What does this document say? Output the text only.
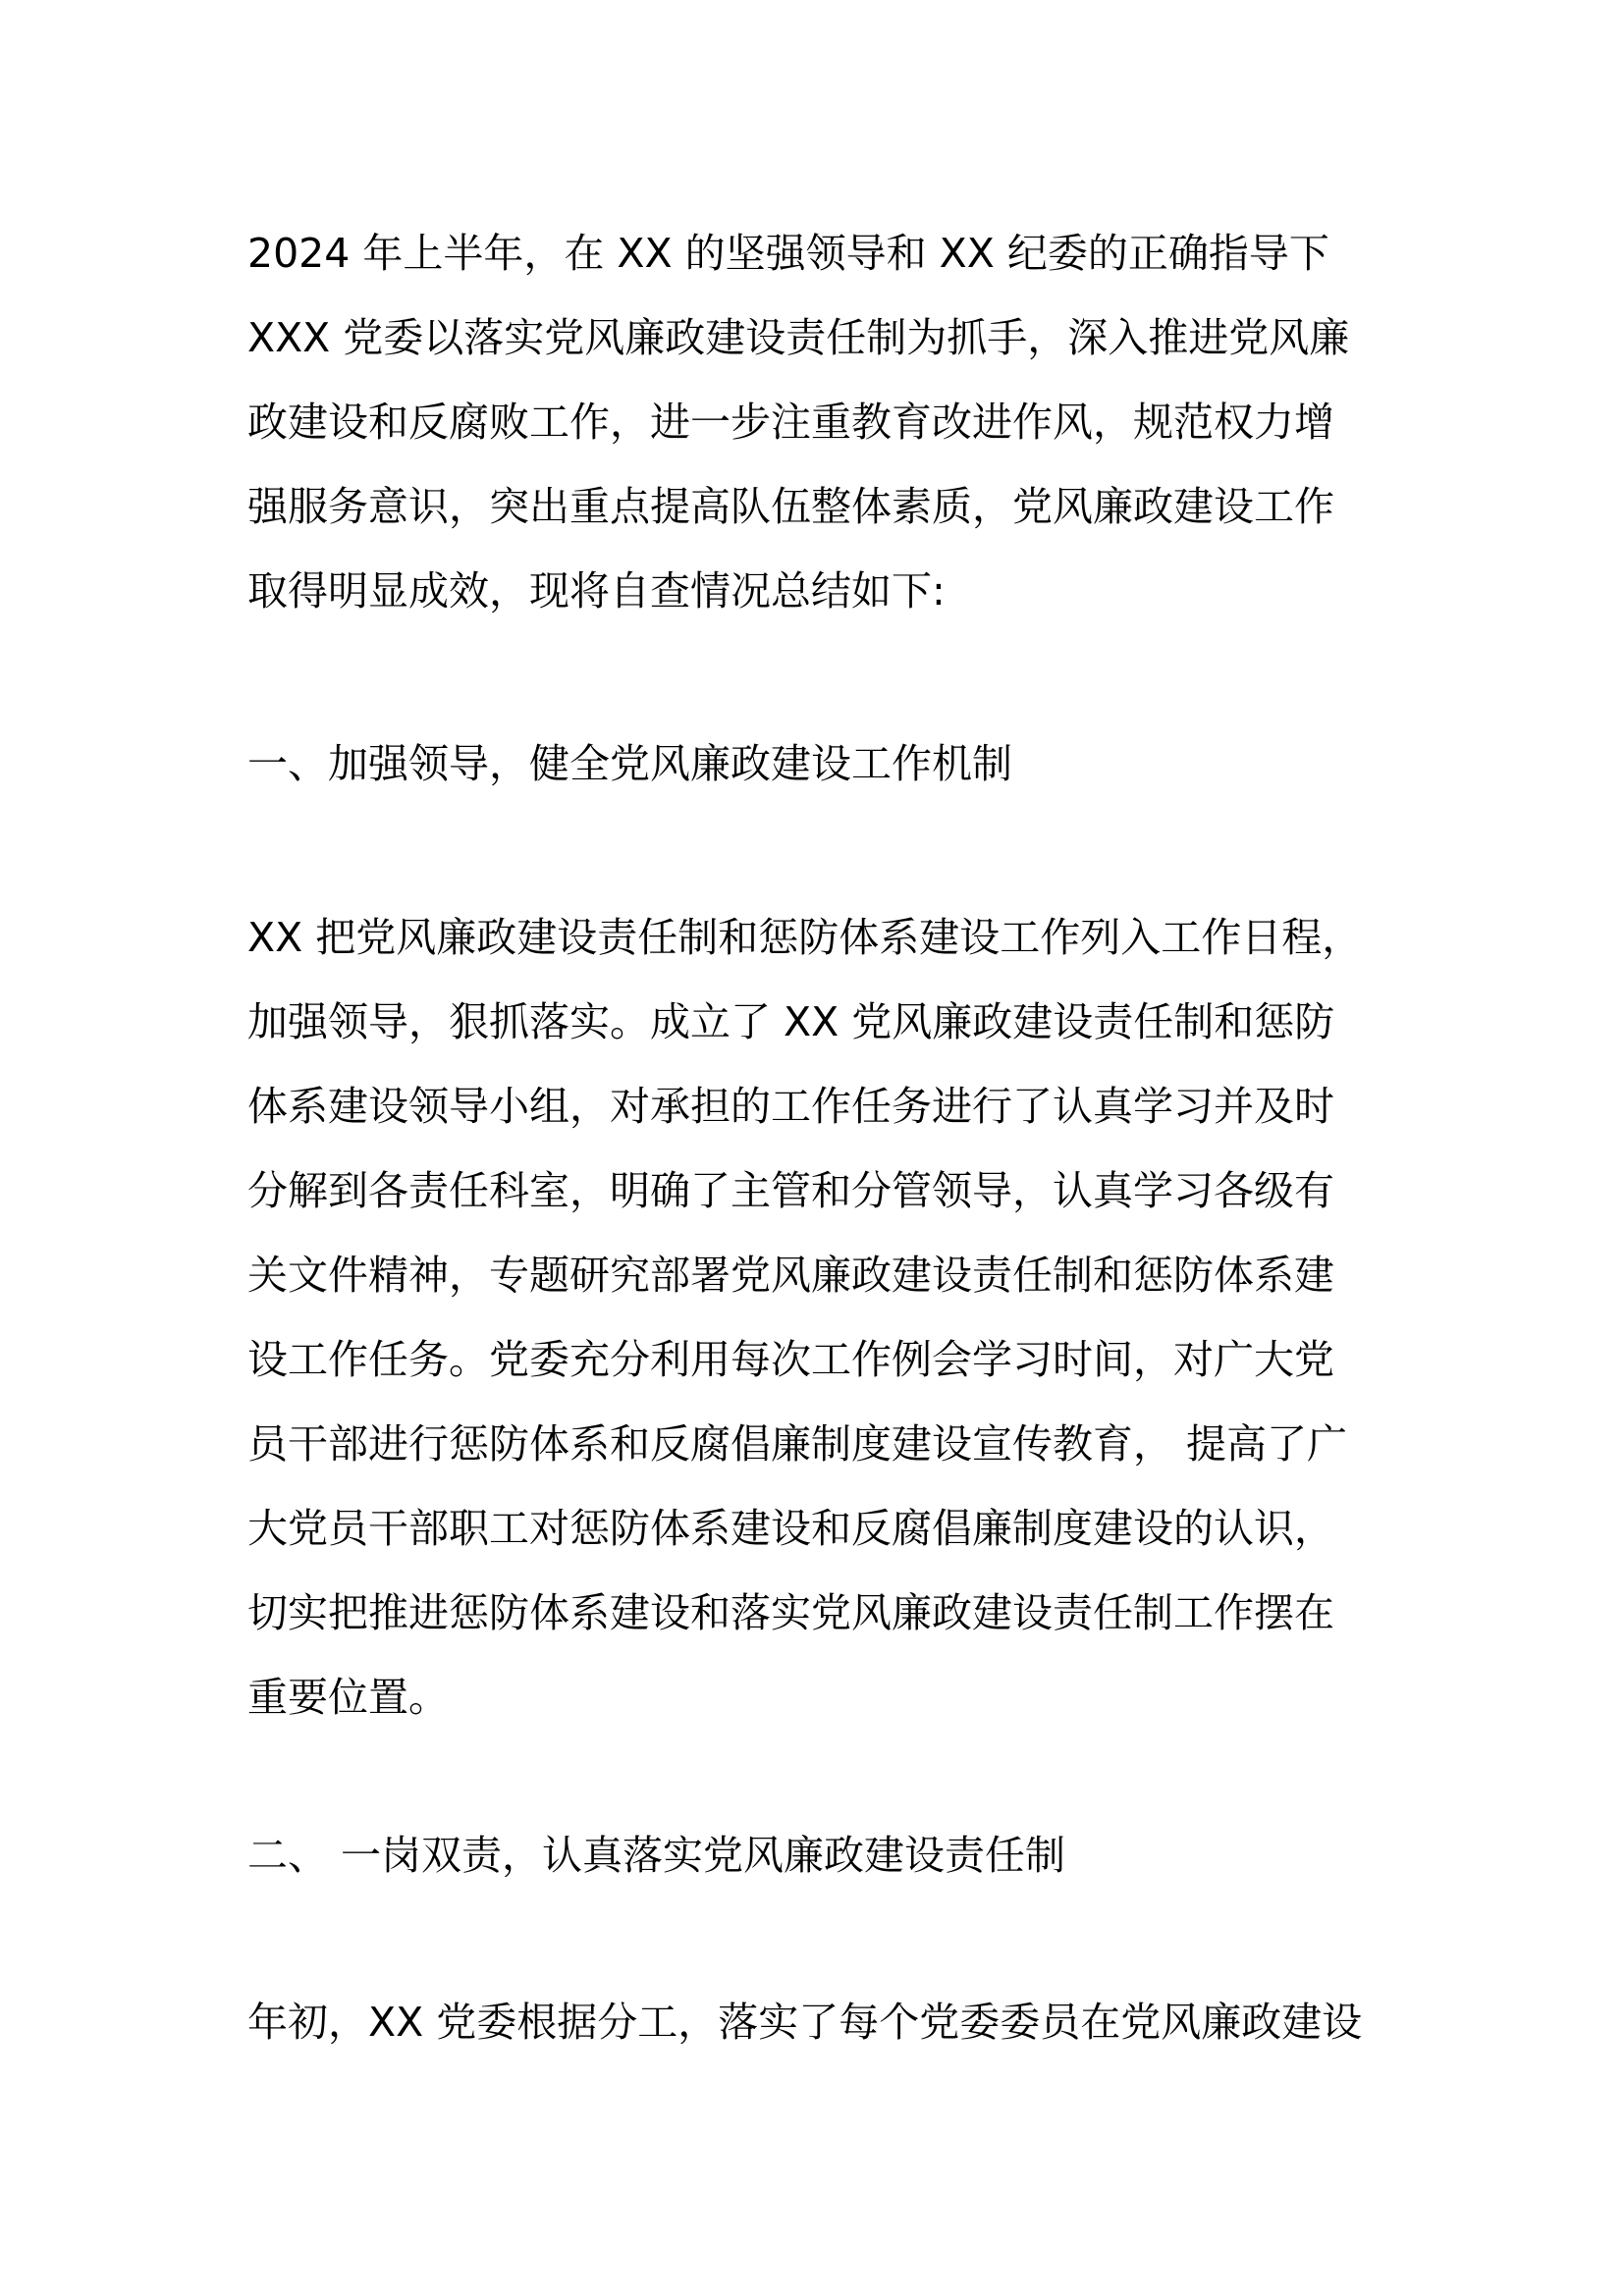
2024 年上半年，在 XX 的坚强领导和 XX 纪委的正确指导下
XXX 党委以落实党风廉政建设责任制为抓手，深入推进党风廉
政建设和反腐败工作，进一步注重教育改进作风，规范权力增
强服务意识，突出重点提高队伍整体素质，党风廉政建设工作
取得明显成效，现将自查情况总结如下:
一、加强领导，健全党风廉政建设工作机制
XX 把党风廉政建设责任制和惩防体系建设工作列入工作日程，
加强领导，狠抓落实。成立了 XX 党风廉政建设责任制和惩防
体系建设领导小组，对承担的工作任务进行了认真学习并及时
分解到各责任科室，明确了主管和分管领导，认真学习各级有
关文件精神，专题研究部署党风廉政建设责任制和惩防体系建
设工作任务。党委充分利用每次工作例会学习时间，对广大党
员干部进行惩防体系和反腐倡廉制度建设宣传教育， 提高了广
大党员干部职工对惩防体系建设和反腐倡廉制度建设的认识，
切实把推进惩防体系建设和落实党风廉政建设责任制工作摆在
重要位置。
二、 一岗双责，认真落实党风廉政建设责任制
年初，XX 党委根据分工，落实了每个党委委员在党风廉政建设
